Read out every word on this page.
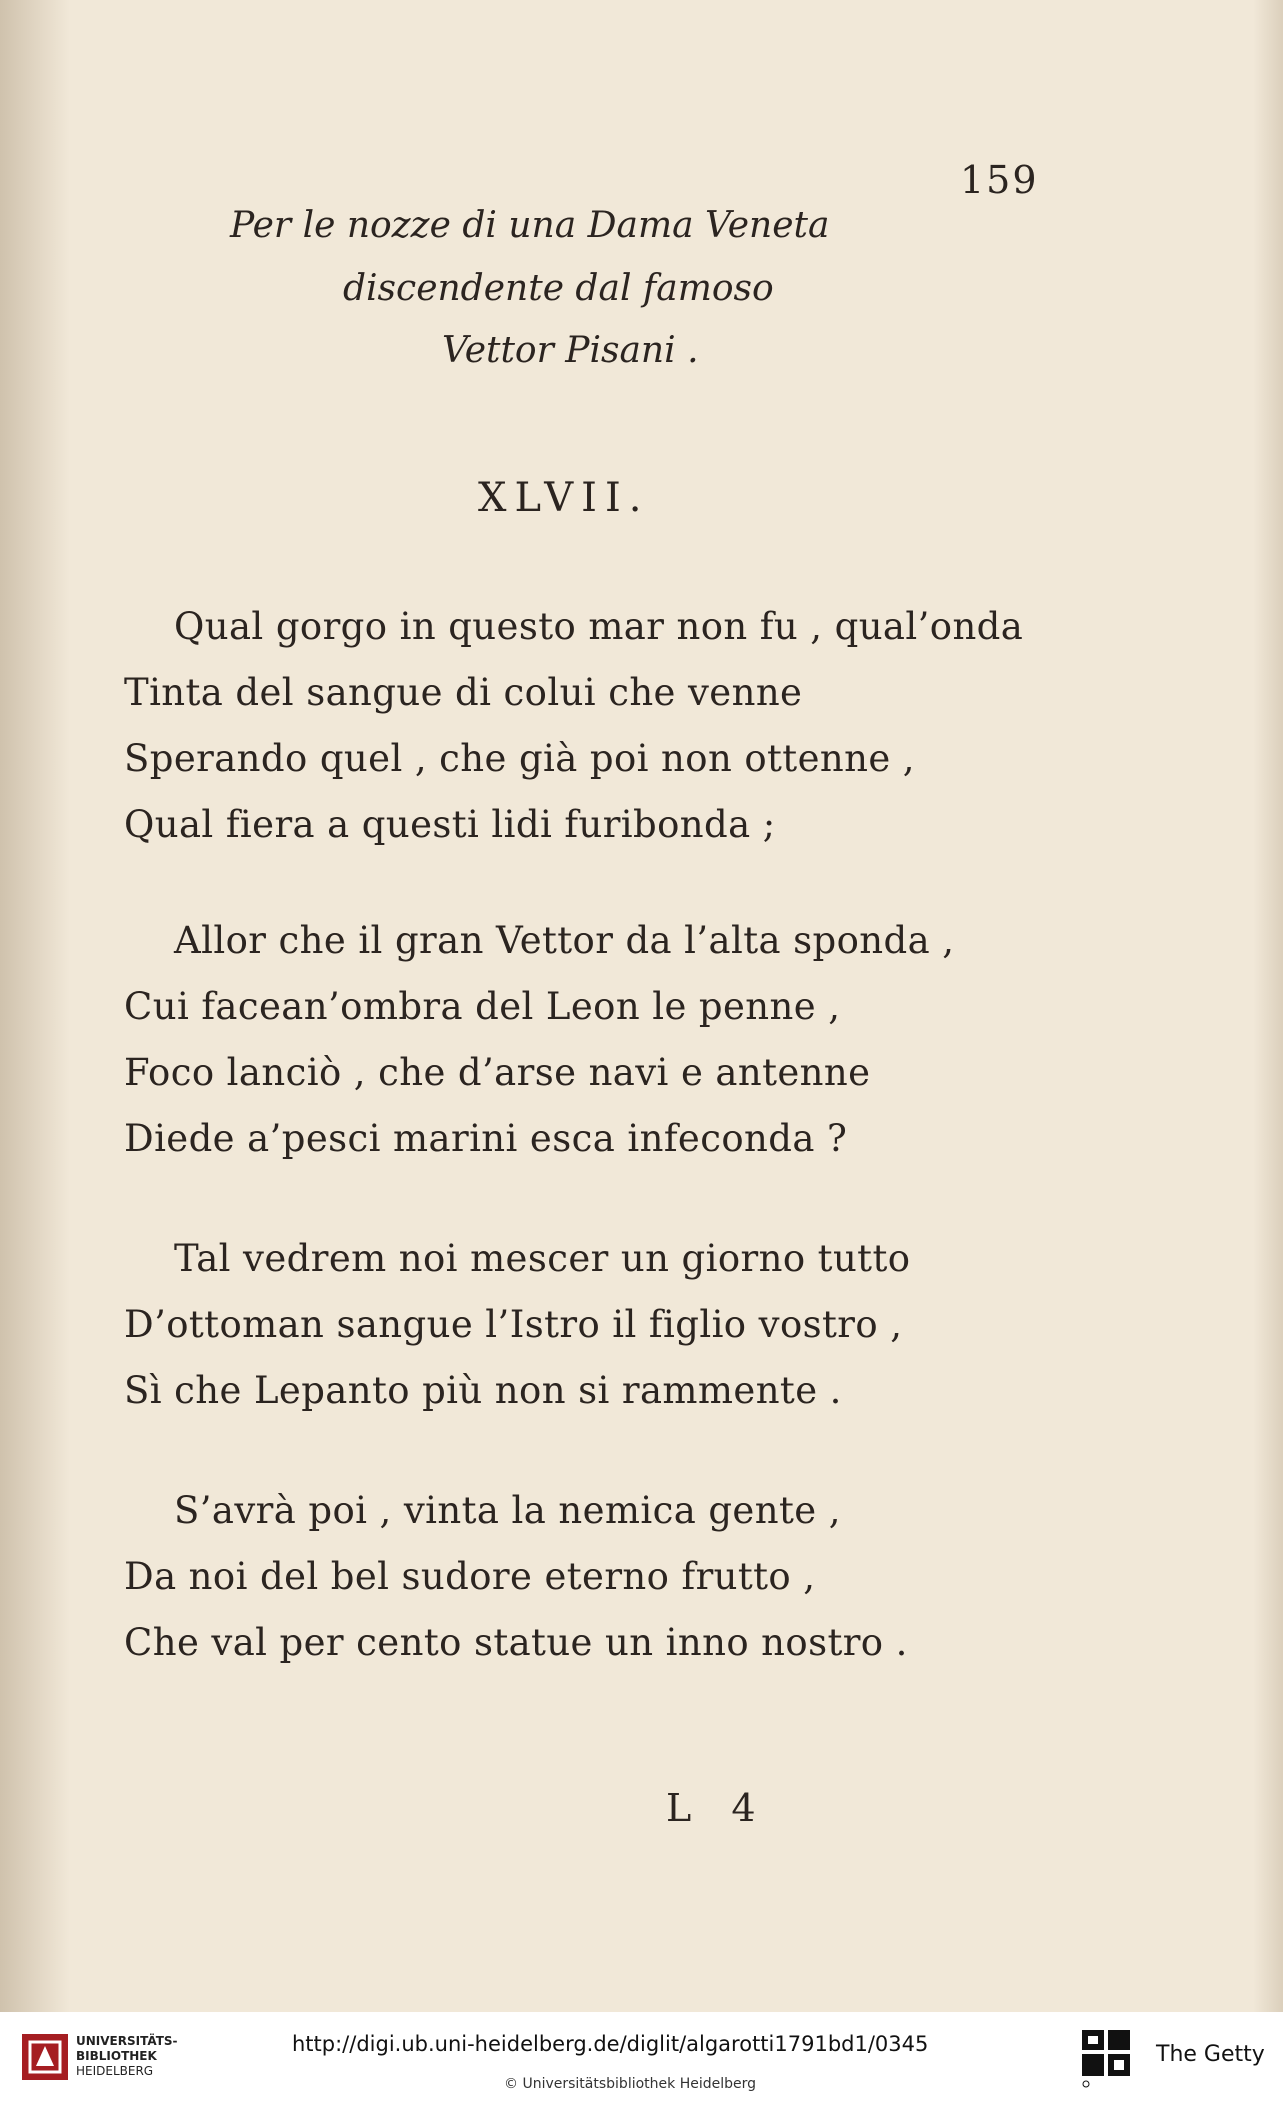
159
Per le nozze di una Dama Veneta
discendente dal famoso
Vettor Pisani .
XLVII.
Qual gorgo in questo mar non fu , qual’onda
Tinta del sangue di colui che venne
Sperando quel , che già poi non ottenne ,
Qual fiera a questi lidi furibonda ;
Allor che il gran Vettor da l’alta sponda ,
Cui facean’ombra del Leon le penne ,
Foco lanciò , che d’arse navi e antenne
Diede a’pesci marini esca infeconda ?
Tal vedrem noi mescer un giorno tutto
D’ottoman sangue l’Istro il figlio vostro ,
Sì che Lepanto più non si rammente .
S’avrà poi , vinta la nemica gente ,
Da noi del bel sudore eterno frutto ,
Che val per cento statue un inno nostro .
L 4
UNIVERSITÄTS-
BIBLIOTHEK
HEIDELBERG
http://digi.ub.uni-heidelberg.de/diglit/algarotti1791bd1/0345
© Universitätsbibliothek Heidelberg
The Getty
